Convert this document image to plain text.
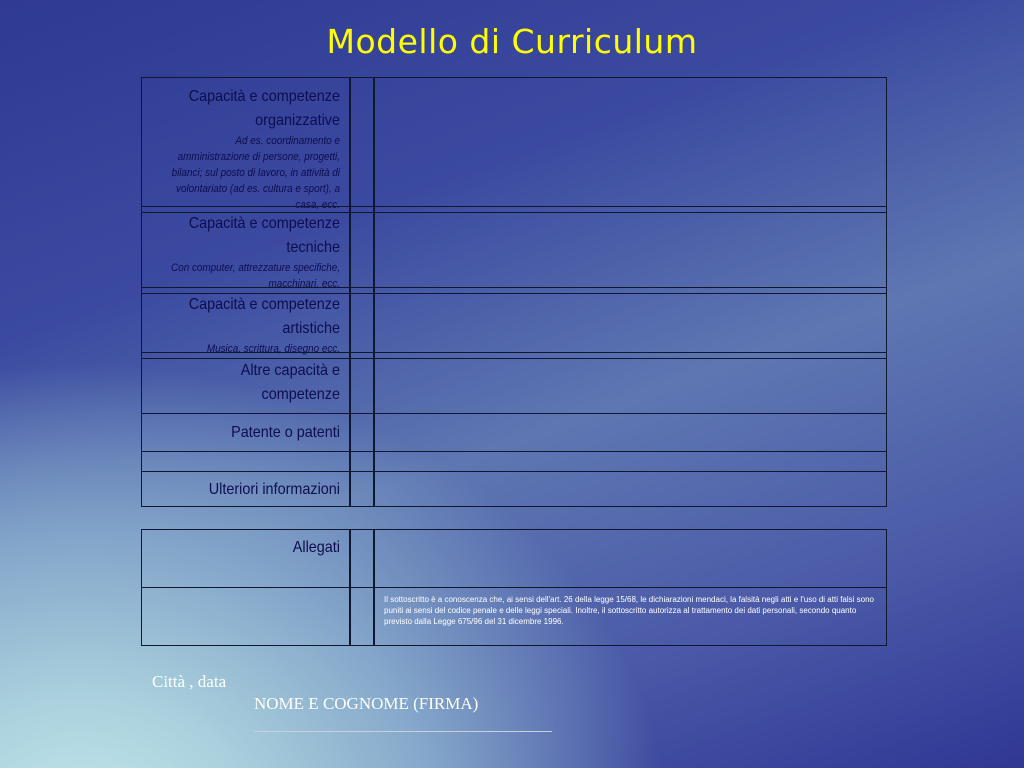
Modello di Curriculum
Capacità e competenze organizzative
Ad es. coordinamento e amministrazione di persone, progetti, bilanci; sul posto di lavoro, in attività di volontariato (ad es. cultura e sport), a casa, ecc.
Capacità e competenze tecniche
Con computer, attrezzature specifiche, macchinari, ecc.
Capacità e competenze artistiche
Musica, scrittura, disegno ecc.
Altre capacità e competenze
Patente o patenti
Ulteriori informazioni
Allegati
Il sottoscritto è a conoscenza che, ai sensi dell'art. 26 della legge 15/68, le dichiarazioni mendaci, la falsità negli atti e l'uso di atti falsi sono puniti ai sensi del codice penale e delle leggi speciali. Inoltre, il sottoscritto autorizza al trattamento dei dati personali, secondo quanto previsto dalla Legge 675/96 del 31 dicembre 1996.
Città , data
NOME E COGNOME (FIRMA)
